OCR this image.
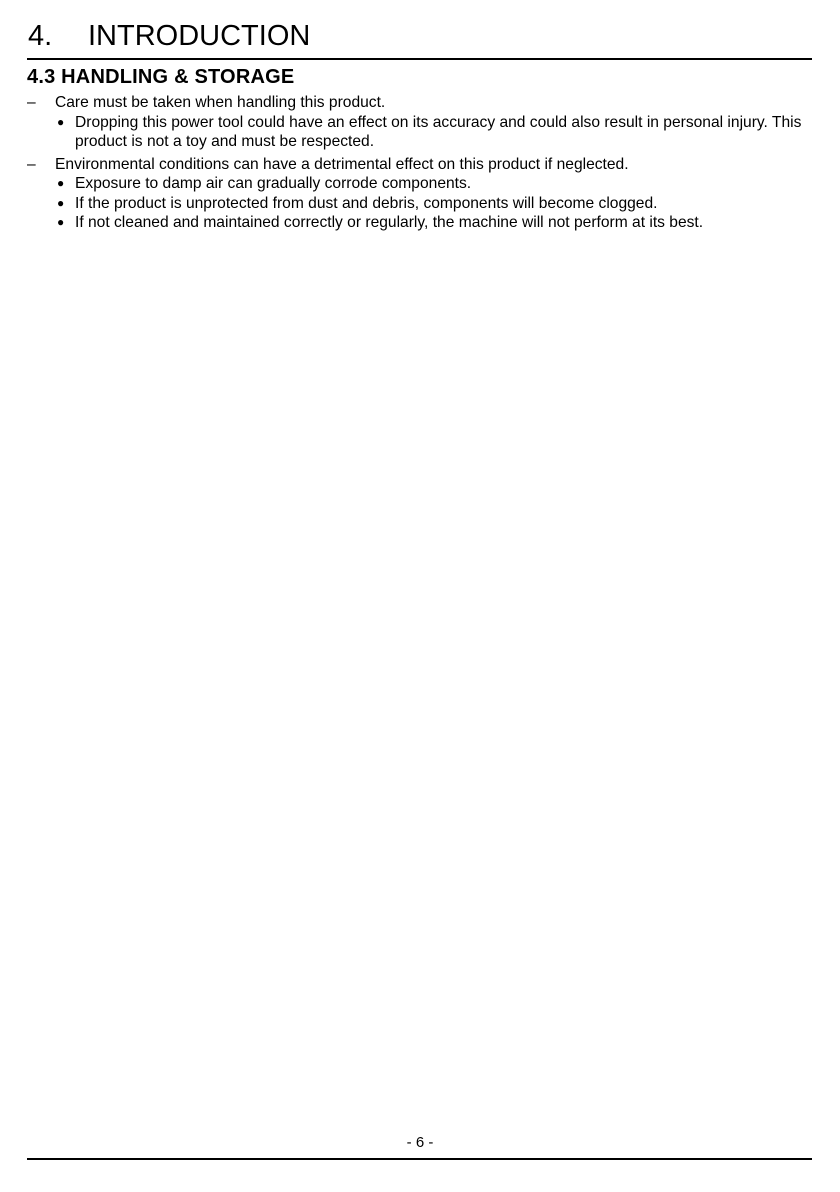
4. INTRODUCTION
4.3 HANDLING & STORAGE
– Care must be taken when handling this product.
● Dropping this power tool could have an effect on its accuracy and could also result in personal injury. This product is not a toy and must be respected.
– Environmental conditions can have a detrimental effect on this product if neglected.
● Exposure to damp air can gradually corrode components.
● If the product is unprotected from dust and debris, components will become clogged.
● If not cleaned and maintained correctly or regularly, the machine will not perform at its best.
- 6 -
